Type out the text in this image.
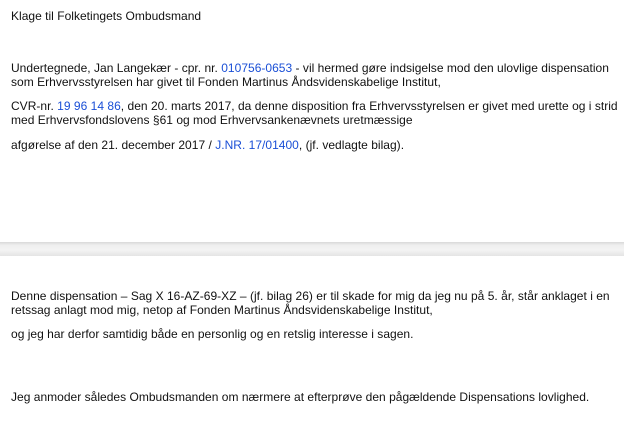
Klage til Folketingets Ombudsmand
Undertegnede, Jan Langekær - cpr. nr. 010756-0653 - vil hermed gøre indsigelse mod den ulovlige dispensation
som Erhvervsstyrelsen har givet til Fonden Martinus Åndsvidenskabelige Institut,
CVR-nr. 19 96 14 86, den 20. marts 2017, da denne disposition fra Erhvervsstyrelsen er givet med urette og i strid
med Erhvervsfondslovens §61 og mod Erhvervsankenævnets uretmæssige
afgørelse af den 21. december 2017 / J.NR. 17/01400, (jf. vedlagte bilag).
Denne dispensation – Sag X 16-AZ-69-XZ – (jf. bilag 26) er til skade for mig da jeg nu på 5. år, står anklaget i en
retssag anlagt mod mig, netop af Fonden Martinus Åndsvidenskabelige Institut,
og jeg har derfor samtidig både en personlig og en retslig interesse i sagen.
Jeg anmoder således Ombudsmanden om nærmere at efterprøve den pågældende Dispensations lovlighed.
